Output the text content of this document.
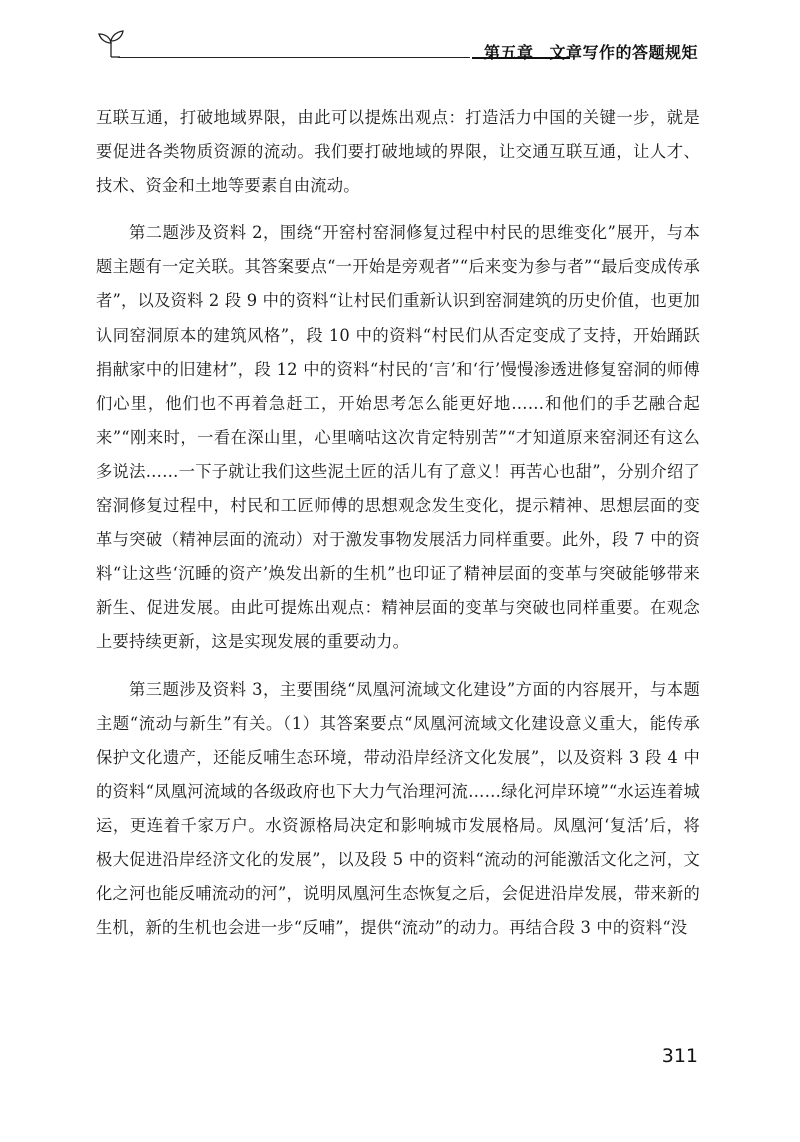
第五章 文章写作的答题规矩

互联互通，打破地域界限，由此可以提炼出观点：打造活力中国的关键一步，就是要促进各类物质资源的流动。我们要打破地域的界限，让交通互联互通，让人才、技术、资金和土地等要素自由流动。

第二题涉及资料 2，围绕“开窑村窑洞修复过程中村民的思维变化”展开，与本题主题有一定关联。其答案要点“一开始是旁观者”“后来变为参与者”“最后变成传承者”，以及资料 2 段 9 中的资料“让村民们重新认识到窑洞建筑的历史价值，也更加认同窑洞原本的建筑风格”，段 10 中的资料“村民们从否定变成了支持，开始踊跃捐献家中的旧建材”，段 12 中的资料“村民的‘言’和‘行’慢慢渗透进修复窑洞的师傅们心里，他们也不再着急赶工，开始思考怎么能更好地……和他们的手艺融合起来”“刚来时，一看在深山里，心里嘀咕这次肯定特别苦”“才知道原来窑洞还有这么多说法……一下子就让我们这些泥土匠的活儿有了意义！再苦心也甜”，分别介绍了窑洞修复过程中，村民和工匠师傅的思想观念发生变化，提示精神、思想层面的变革与突破（精神层面的流动）对于激发事物发展活力同样重要。此外，段 7 中的资料“让这些‘沉睡的资产’焕发出新的生机”也印证了精神层面的变革与突破能够带来新生、促进发展。由此可提炼出观点：精神层面的变革与突破也同样重要。在观念上要持续更新，这是实现发展的重要动力。

第三题涉及资料 3，主要围绕“凤凰河流域文化建设”方面的内容展开，与本题主题“流动与新生”有关。（1）其答案要点“凤凰河流域文化建设意义重大，能传承保护文化遗产，还能反哺生态环境，带动沿岸经济文化发展”，以及资料 3 段 4 中的资料“凤凰河流域的各级政府也下大力气治理河流……绿化河岸环境”“水运连着城运，更连着千家万户。水资源格局决定和影响城市发展格局。凤凰河‘复活’后，将极大促进沿岸经济文化的发展”，以及段 5 中的资料“流动的河能激活文化之河，文化之河也能反哺流动的河”，说明凤凰河生态恢复之后，会促进沿岸发展，带来新的生机，新的生机也会进一步“反哺”，提供“流动”的动力。再结合段 3 中的资料“没

311
